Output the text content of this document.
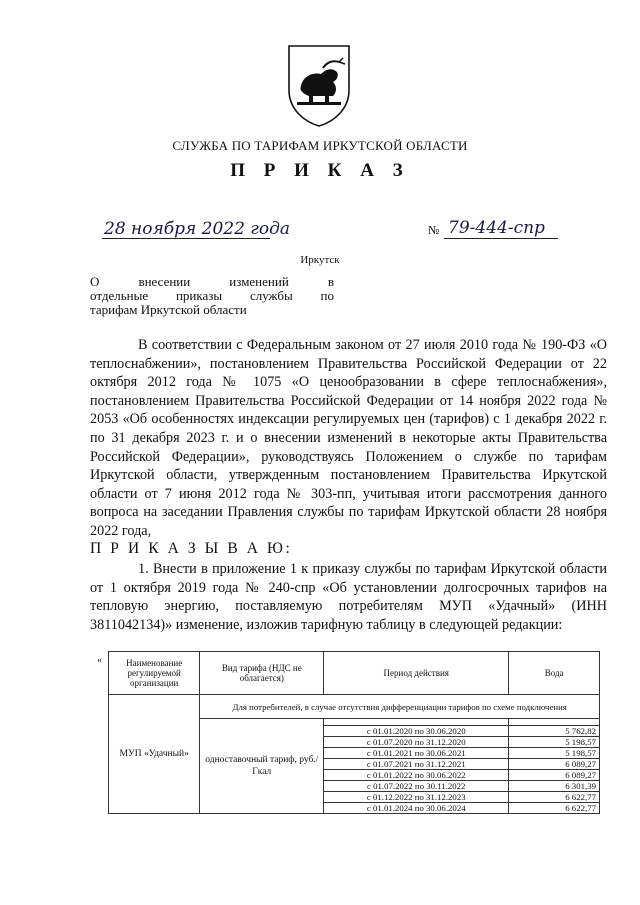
СЛУЖБА ПО ТАРИФАМ ИРКУТСКОЙ ОБЛАСТИ
П Р И К А З
28 ноября 2022 года	№ 79-444-спр
Иркутск
О внесении изменений в
отдельные приказы службы по
тарифам Иркутской области

В соответствии с Федеральным законом от 27 июля 2010 года № 190-ФЗ «О теплоснабжении», постановлением Правительства Российской Федерации от 22 октября 2012 года № 1075 «О ценообразовании в сфере теплоснабжения», постановлением Правительства Российской Федерации от 14 ноября 2022 года № 2053 «Об особенностях индексации регулируемых цен (тарифов) с 1 декабря 2022 г. по 31 декабря 2023 г. и о внесении изменений в некоторые акты Правительства Российской Федерации», руководствуясь Положением о службе по тарифам Иркутской области, утвержденным постановлением Правительства Иркутской области от 7 июня 2012 года № 303-пп, учитывая итоги рассмотрения данного вопроса на заседании Правления службы по тарифам Иркутской области 28 ноября 2022 года,

П Р И К А З Ы В А Ю:

1. Внести в приложение 1 к приказу службы по тарифам Иркутской области от 1 октября 2019 года № 240-спр «Об установлении долгосрочных тарифов на тепловую энергию, поставляемую потребителям МУП «Удачный» (ИНН 3811042134)» изменение, изложив тарифную таблицу в следующей редакции:

«	Наименование регулируемой организации	Вид тарифа (НДС не облагается)	Период действия	Вода
МУП «Удачный»	Для потребителей, в случае отсутствия дифференциации тарифов по схеме подключения		
	одноставочный тариф, руб./Гкал		
		с 01.01.2020 по 30.06.2020	5 762,82
		с 01.07.2020 по 31.12.2020	5 198,57
		с 01.01.2021 по 30.06.2021	5 198,57
		с 01.07.2021 по 31.12.2021	6 089,27
		с 01.01.2022 по 30.06.2022	6 089,27
		с 01.07.2022 по 30.11.2022	6 301,39
		с 01.12.2022 по 31.12.2023	6 622,77
		с 01.01.2024 по 30.06.2024	6 622,77
